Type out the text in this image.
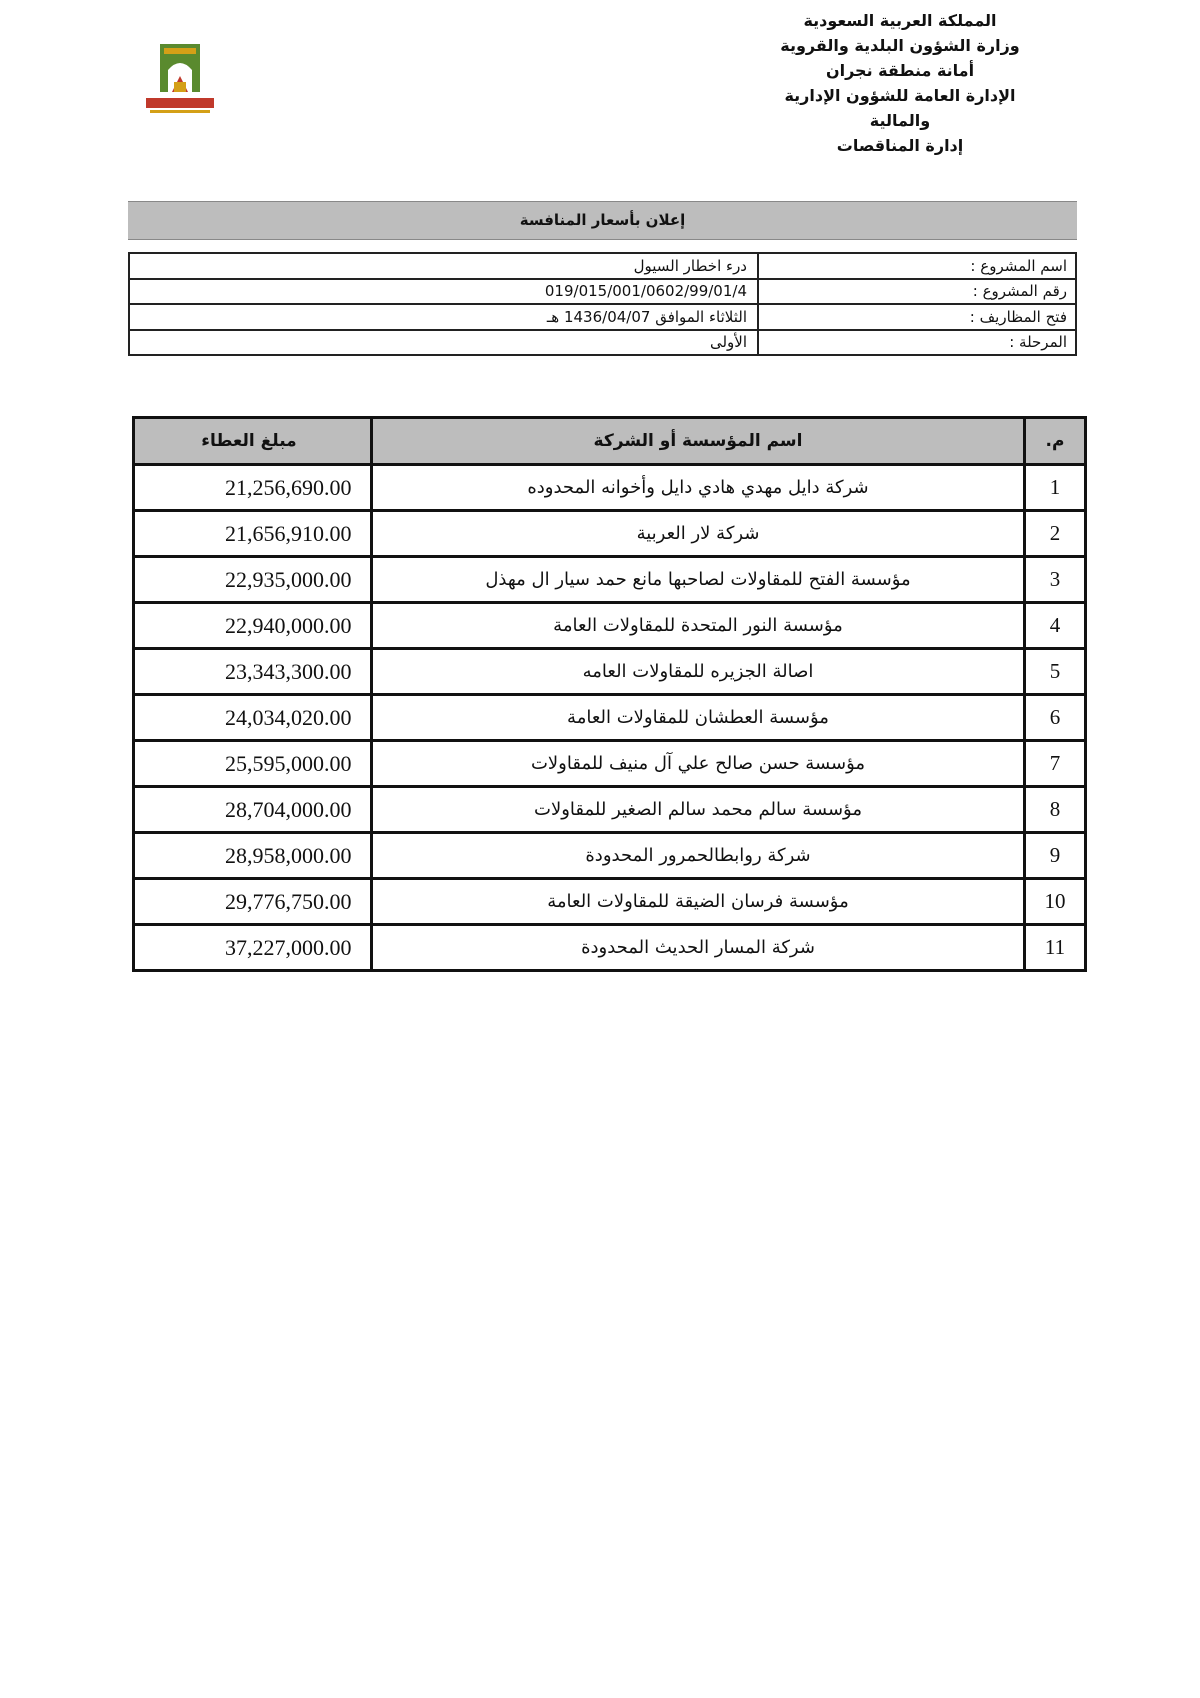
المملكة العربية السعودية
وزارة الشؤون البلدية والقروية
أمانة منطقة نجران
الإدارة العامة للشؤون الإدارية
والمالية
إدارة المناقصات
إعلان بأسعار المنافسة
اسم المشروع :	درء اخطار السيول
رقم المشروع :	019/015/001/0602/99/01/4
فتح المظاريف :	الثلاثاء الموافق 1436/04/07 هـ
المرحلة :	الأولى
م.	اسم المؤسسة أو الشركة	مبلغ العطاء
1	شركة دايل مهدي هادي دايل وأخوانه المحدوده	21,256,690.00
2	شركة لار العربية	21,656,910.00
3	مؤسسة الفتح للمقاولات لصاحبها مانع حمد سيار ال مهذل	22,935,000.00
4	مؤسسة النور المتحدة للمقاولات العامة	22,940,000.00
5	اصالة الجزيره للمقاولات العامه	23,343,300.00
6	مؤسسة العطشان للمقاولات العامة	24,034,020.00
7	مؤسسة حسن صالح علي آل منيف للمقاولات	25,595,000.00
8	مؤسسة سالم محمد سالم الصغير للمقاولات	28,704,000.00
9	شركة روابطالحمرور المحدودة	28,958,000.00
10	مؤسسة فرسان الضيقة للمقاولات العامة	29,776,750.00
11	شركة المسار الحديث المحدودة	37,227,000.00
